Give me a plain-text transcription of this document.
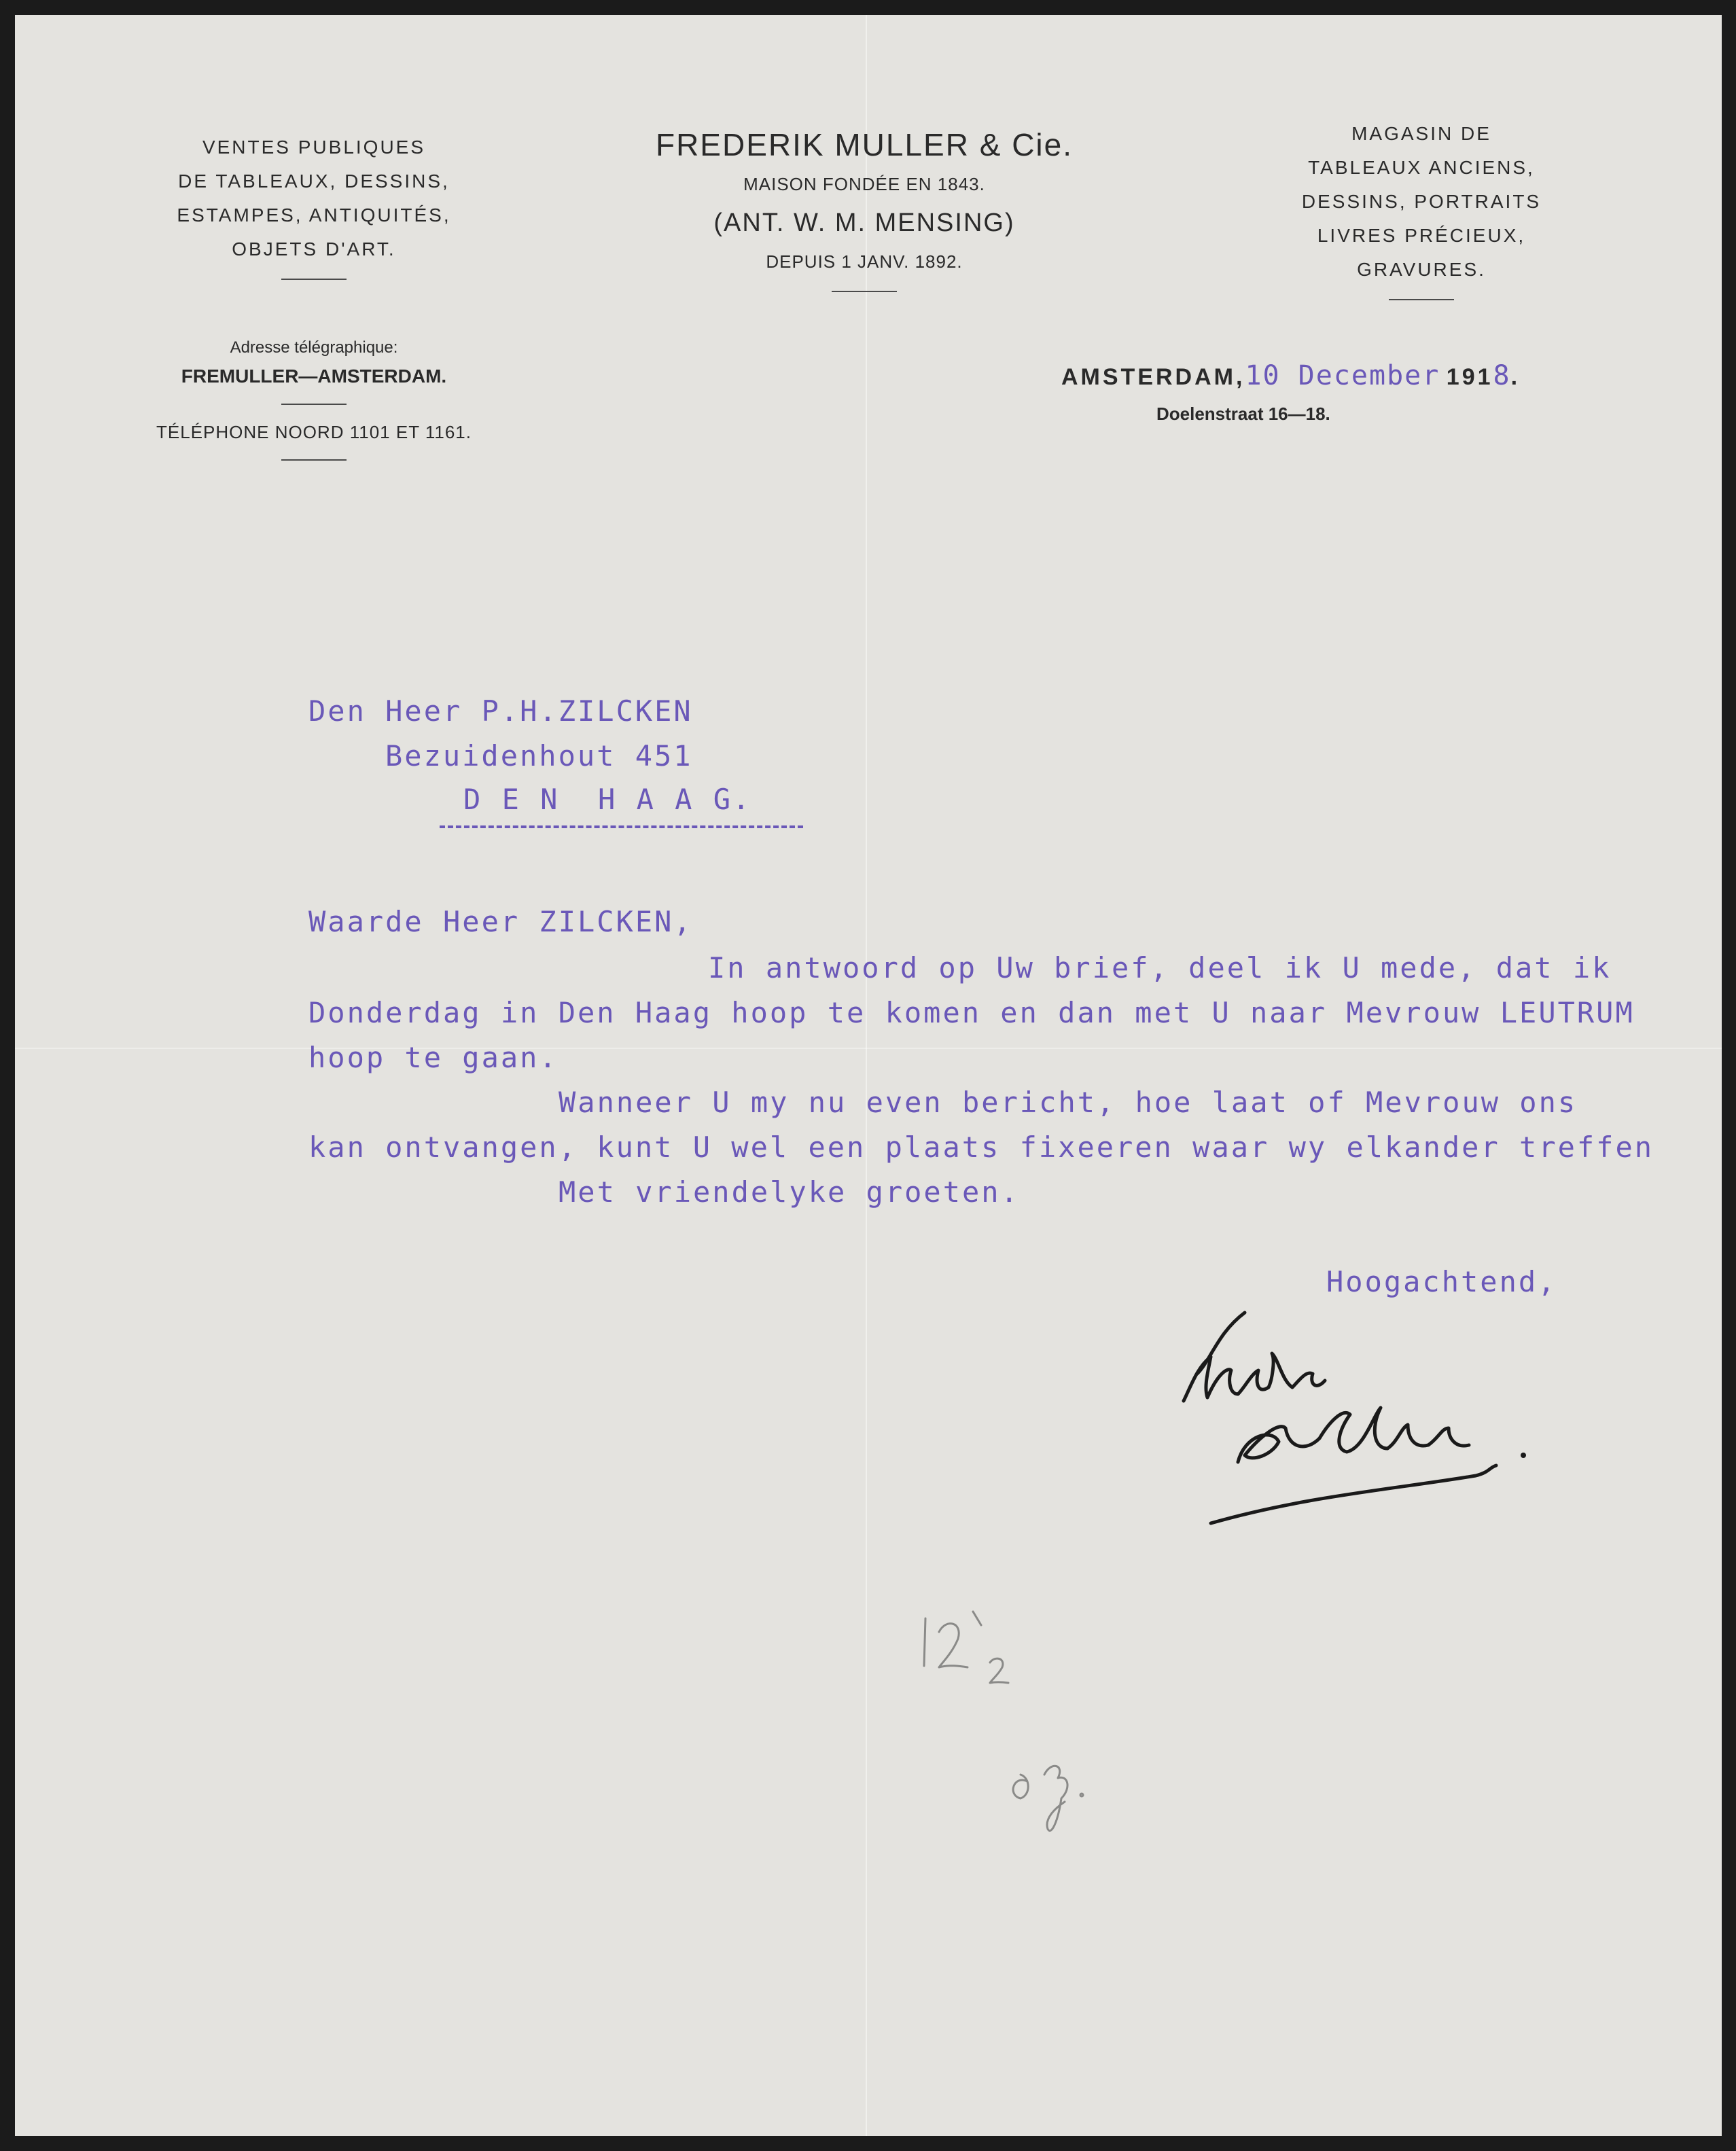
VENTES PUBLIQUES
DE TABLEAUX, DESSINS,
ESTAMPES, ANTIQUITÉS,
OBJETS D'ART.
FREDERIK MULLER & Cie.
MAISON FONDÉE EN 1843.
(ANT. W. M. MENSING)
DEPUIS 1 JANV. 1892.
MAGASIN DE
TABLEAUX ANCIENS,
DESSINS, PORTRAITS
LIVRES PRÉCIEUX,
GRAVURES.
Adresse télégraphique:
FREMULLER—AMSTERDAM.
TÉLÉPHONE NOORD 1101 ET 1161.
AMSTERDAM,10 December 1918.
Doelenstraat 16—18.
Den Heer P.H.ZILCKEN
Bezuidenhout 451
D E N  H A A G.
Waarde Heer ZILCKEN,
In antwoord op Uw brief, deel ik U mede, dat ik
Donderdag in Den Haag hoop te komen en dan met U naar Mevrouw LEUTRUM
hoop te gaan.
Wanneer U my nu even bericht, hoe laat of Mevrouw ons
kan ontvangen, kunt U wel een plaats fixeeren waar wy elkander treffen
Met vriendelyke groeten.
Hoogachtend,
